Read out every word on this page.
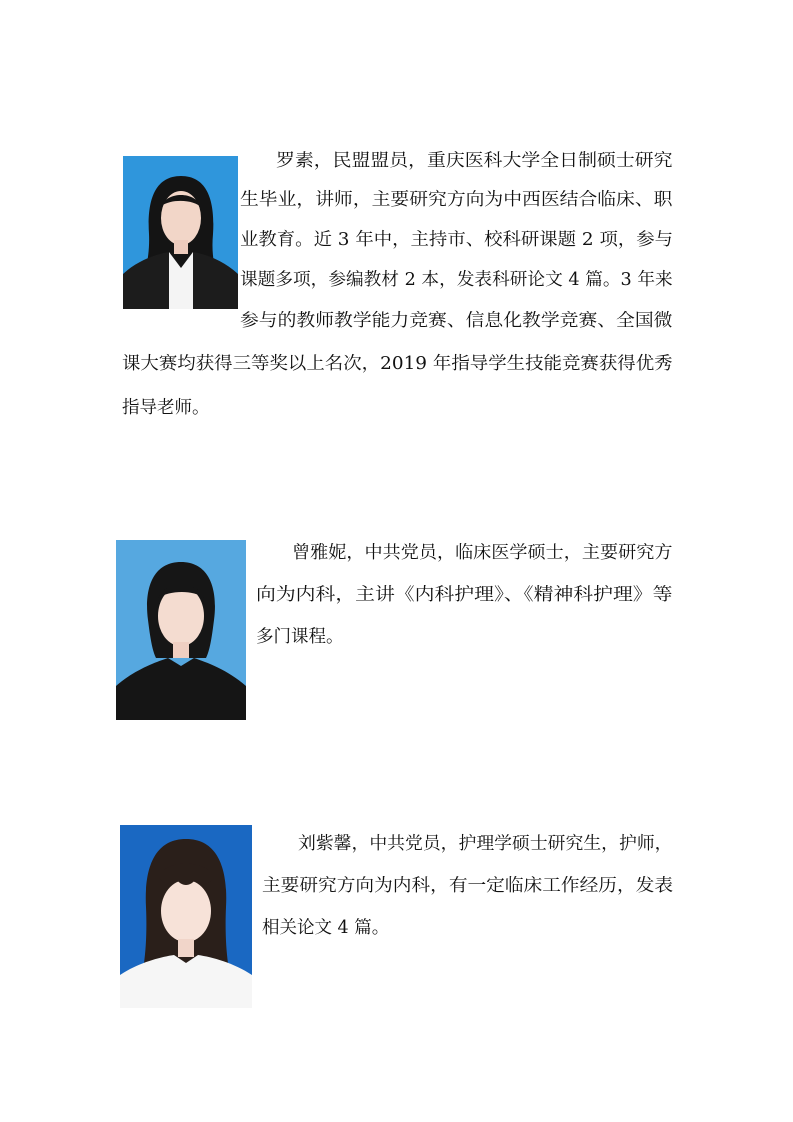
罗素，民盟盟员，重庆医科大学全日制硕士研究
生毕业，讲师，主要研究方向为中西医结合临床、职
业教育。近 3 年中，主持市、校科研课题 2 项，参与
课题多项，参编教材 2 本，发表科研论文 4 篇。3 年来
参与的教师教学能力竞赛、信息化教学竞赛、全国微
课大赛均获得三等奖以上名次，2019 年指导学生技能竞赛获得优秀
指导老师。
曾雅妮，中共党员，临床医学硕士，主要研究方
向为内科，主讲《内科护理》、《精神科护理》等
多门课程。
刘紫馨，中共党员，护理学硕士研究生，护师，
主要研究方向为内科，有一定临床工作经历，发表
相关论文 4 篇。
